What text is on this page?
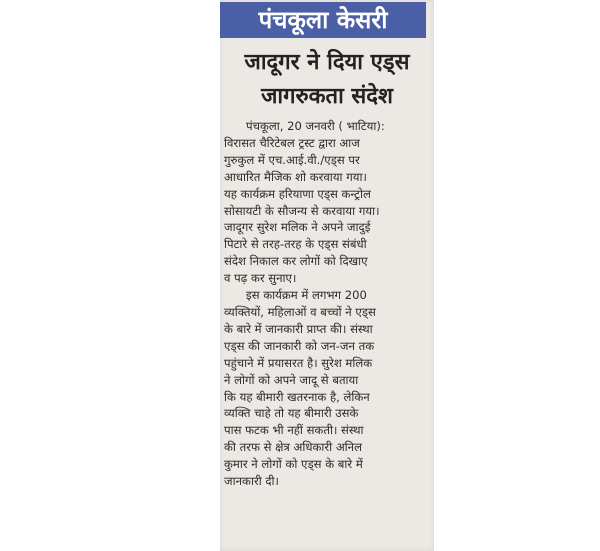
पंचकूला केसरी
जादूगर ने दिया एड्स
जागरुकता संदेश
पंचकूला, 20 जनवरी ( भाटिया):
विरासत चैरिटेबल ट्रस्ट द्वारा आज
गुरुकुल में एच.आई.वी./एड्स पर
आधारित मैजिक शो करवाया गया।
यह कार्यक्रम हरियाणा एड्स कन्ट्रोल
सोसायटी के सौजन्य से करवाया गया।
जादूगर सुरेश मलिक ने अपने जादुई
पिटारे से तरह-तरह के एड्स संबंधी
संदेश निकाल कर लोगों को दिखाए
व पढ़ कर सुनाए।
इस कार्यक्रम में लगभग 200
व्यक्तियों, महिलाओं व बच्चों ने एड्स
के बारे में जानकारी प्राप्त की। संस्था
एड्स की जानकारी को जन-जन तक
पहुंचाने में प्रयासरत है। सुरेश मलिक
ने लोगों को अपने जादू से बताया
कि यह बीमारी खतरनाक है, लेकिन
व्यक्ति चाहे तो यह बीमारी उसके
पास फटक भी नहीं सकती। संस्था
की तरफ से क्षेत्र अधिकारी अनिल
कुमार ने लोगों को एड्स के बारे में
जानकारी दी।
